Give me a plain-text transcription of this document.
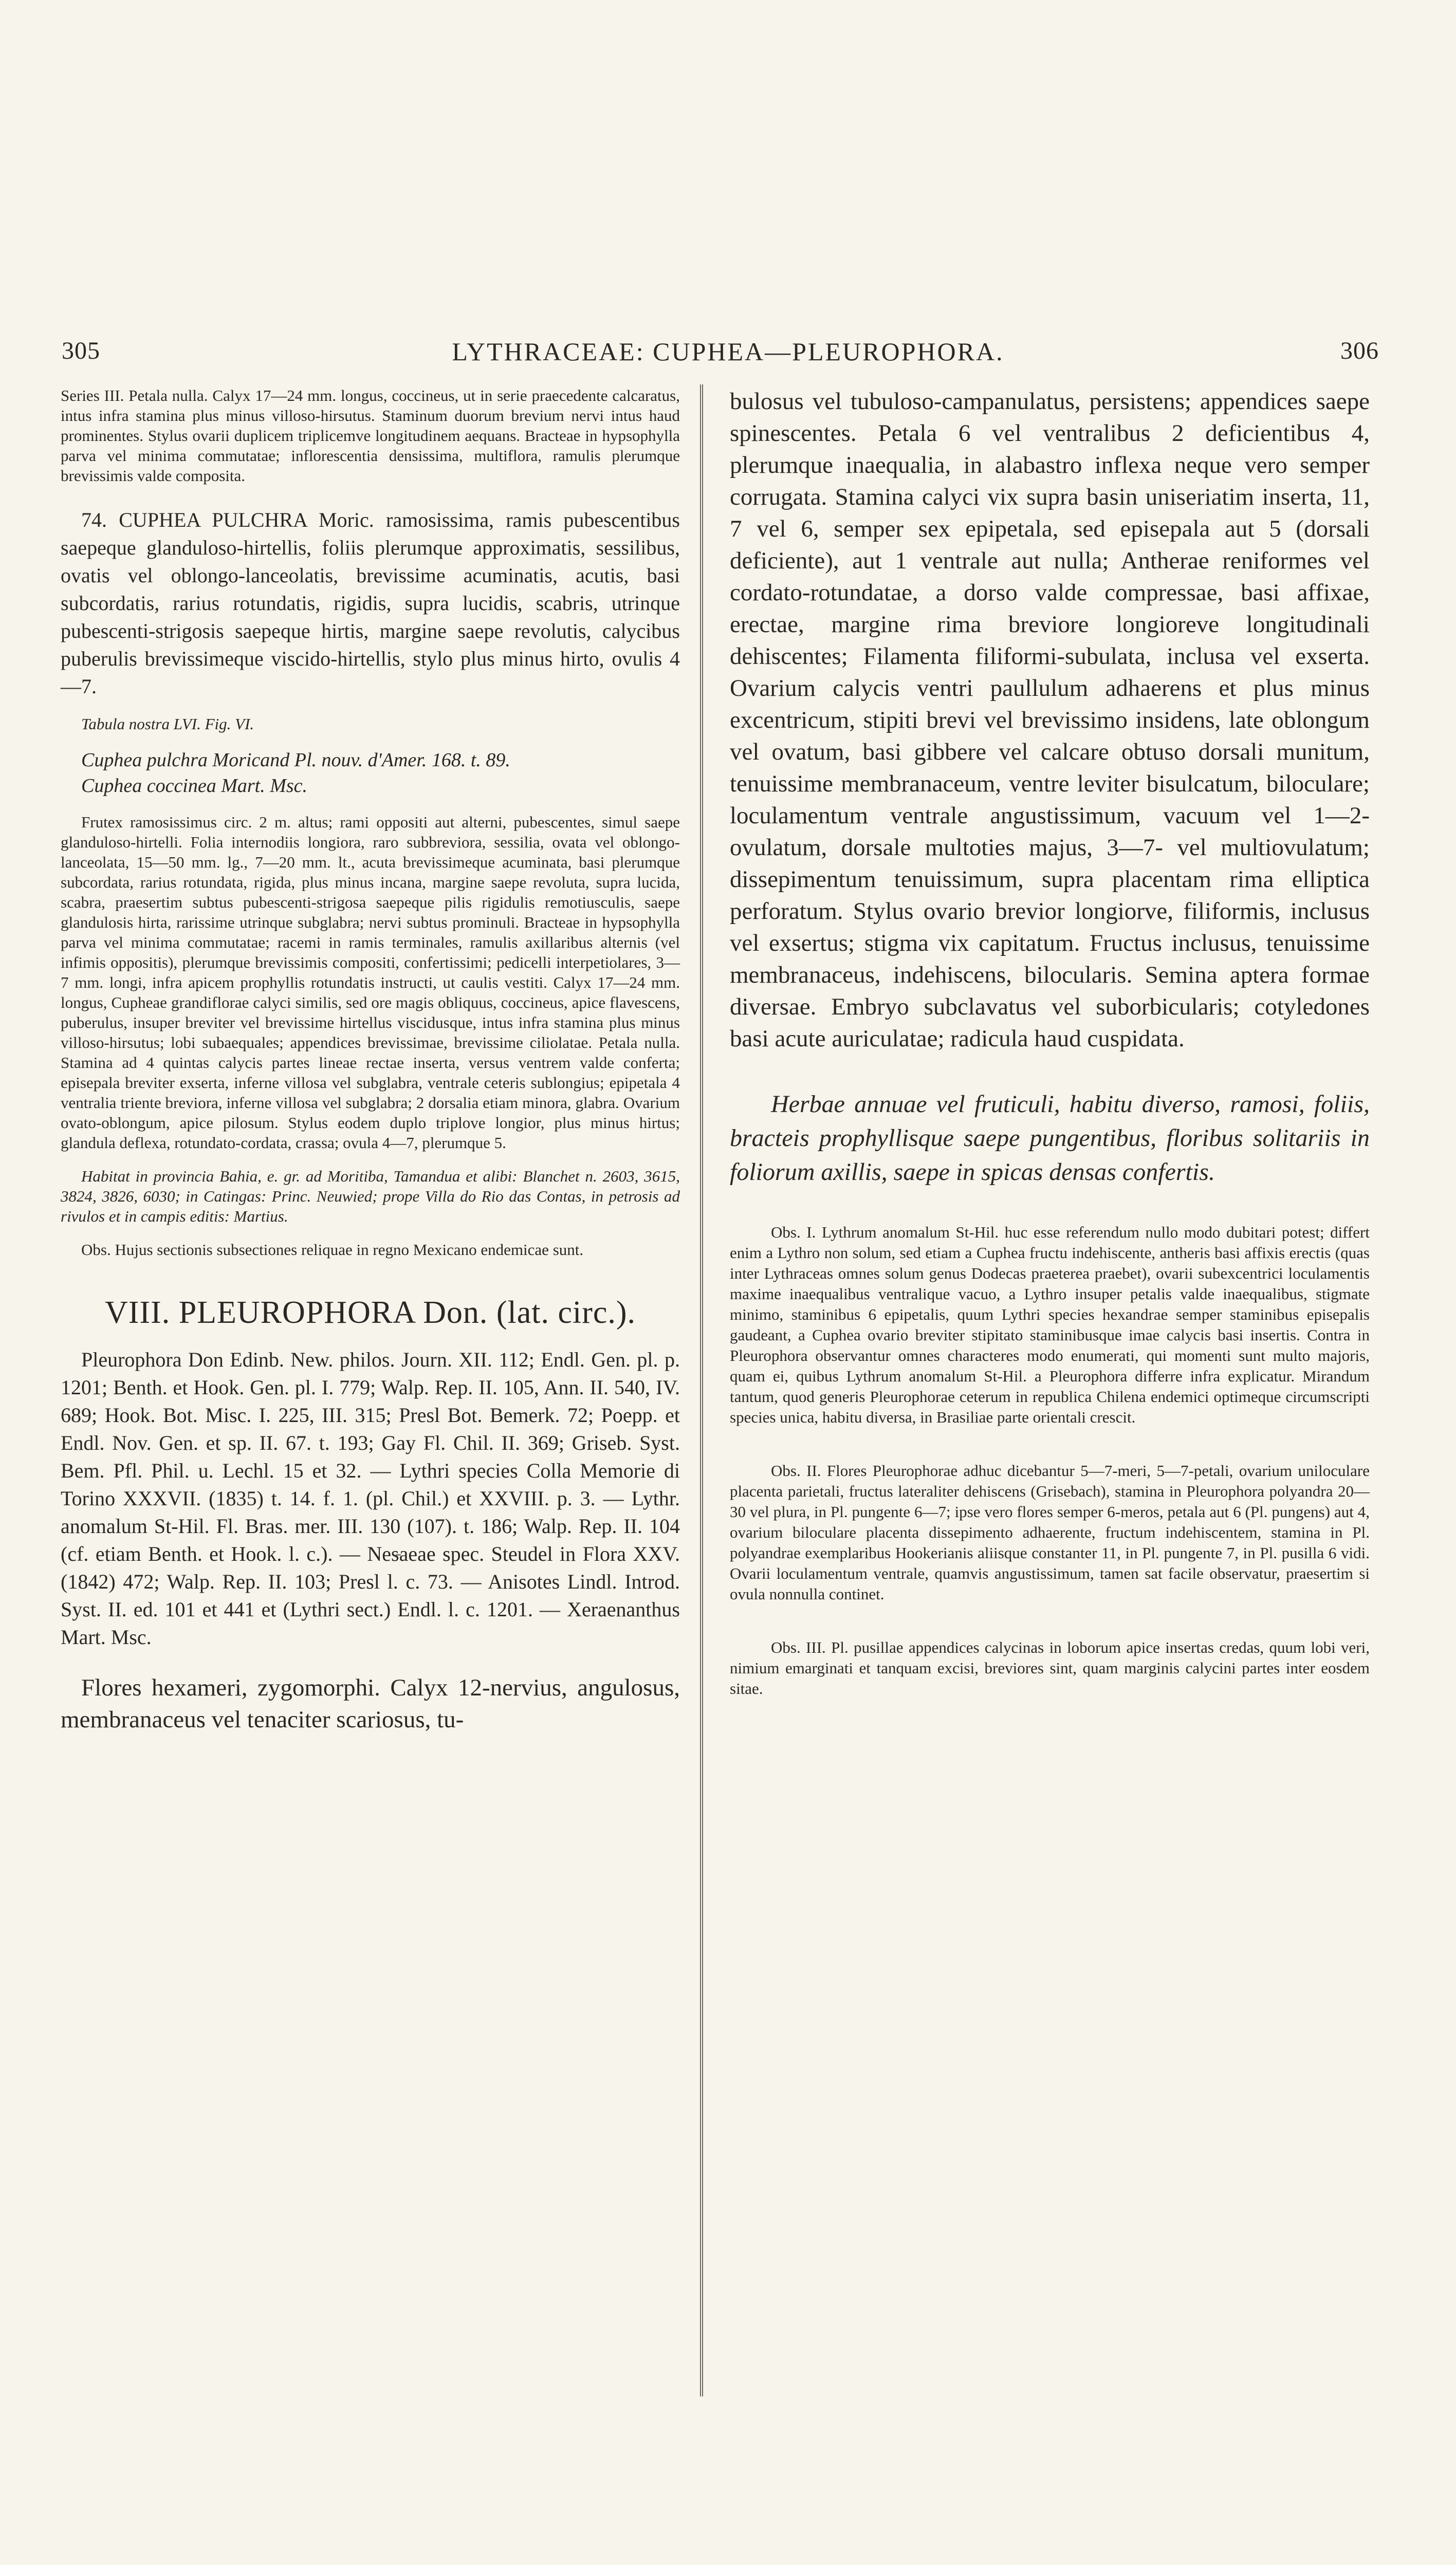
305	LYTHRACEAE: CUPHEA—PLEUROPHORA.	306

Series III. Petala nulla. Calyx 17—24 mm. longus, coccineus, ut in serie praecedente calcaratus, intus infra stamina plus minus villoso-hirsutus. Staminum duorum brevium nervi intus haud prominentes. Stylus ovarii duplicem triplicemve longitudinem aequans. Bracteae in hypsophylla parva vel minima commutatae; inflorescentia densissima, multiflora, ramulis plerumque brevissimis valde composita.

74. CUPHEA PULCHRA Moric. ramosissima, ramis pubescentibus saepeque glanduloso-hirtellis, foliis plerumque approximatis, sessilibus, ovatis vel oblongo-lanceolatis, brevissime acuminatis, acutis, basi subcordatis, rarius rotundatis, rigidis, supra lucidis, scabris, utrinque pubescenti-strigosis saepeque hirtis, margine saepe revolutis, calycibus puberulis brevissimeque viscido-hirtellis, stylo plus minus hirto, ovulis 4—7.

Tabula nostra LVI. Fig. VI.

Cuphea pulchra Moricand Pl. nouv. d'Amer. 168. t. 89.

Cuphea coccinea Mart. Msc.

Frutex ramosissimus circ. 2 m. altus; rami oppositi aut alterni, pubescentes, simul saepe glanduloso-hirtelli. Folia internodiis longiora, raro subbreviora, sessilia, ovata vel oblongo-lanceolata, 15—50 mm. lg., 7—20 mm. lt., acuta brevissimeque acuminata, basi plerumque subcordata, rarius rotundata, rigida, plus minus incana, margine saepe revoluta, supra lucida, scabra, praesertim subtus pubescenti-strigosa saepeque pilis rigidulis remotiusculis, saepe glandulosis hirta, rarissime utrinque subglabra; nervi subtus prominuli. Bracteae in hypsophylla parva vel minima commutatae; racemi in ramis terminales, ramulis axillaribus alternis (vel infimis oppositis), plerumque brevissimis compositi, confertissimi; pedicelli interpetiolares, 3—7 mm. longi, infra apicem prophyllis rotundatis instructi, ut caulis vestiti. Calyx 17—24 mm. longus, Cupheae grandiflorae calyci similis, sed ore magis obliquus, coccineus, apice flavescens, puberulus, insuper breviter vel brevissime hirtellus viscidusque, intus infra stamina plus minus villoso-hirsutus; lobi subaequales; appendices brevissimae, brevissime ciliolatae. Petala nulla. Stamina ad 4 quintas calycis partes lineae rectae inserta, versus ventrem valde conferta; episepala breviter exserta, inferne villosa vel subglabra, ventrale ceteris sublongius; epipetala 4 ventralia triente breviora, inferne villosa vel subglabra; 2 dorsalia etiam minora, glabra. Ovarium ovato-oblongum, apice pilosum. Stylus eodem duplo triplove longior, plus minus hirtus; glandula deflexa, rotundato-cordata, crassa; ovula 4—7, plerumque 5.

Habitat in provincia Bahia, e. gr. ad Moritiba, Tamandua et alibi: Blanchet n. 2603, 3615, 3824, 3826, 6030; in Catingas: Princ. Neuwied; prope Villa do Rio das Contas, in petrosis ad rivulos et in campis editis: Martius.

Obs. Hujus sectionis subsectiones reliquae in regno Mexicano endemicae sunt.

VIII. PLEUROPHORA Don. (lat. circ.).

Pleurophora Don Edinb. New. philos. Journ. XII. 112; Endl. Gen. pl. p. 1201; Benth. et Hook. Gen. pl. I. 779; Walp. Rep. II. 105, Ann. II. 540, IV. 689; Hook. Bot. Misc. I. 225, III. 315; Presl Bot. Bemerk. 72; Poepp. et Endl. Nov. Gen. et sp. II. 67. t. 193; Gay Fl. Chil. II. 369; Griseb. Syst. Bem. Pfl. Phil. u. Lechl. 15 et 32. — Lythri species Colla Memorie di Torino XXXVII. (1835) t. 14. f. 1. (pl. Chil.) et XXVIII. p. 3. — Lythr. anomalum St-Hil. Fl. Bras. mer. III. 130 (107). t. 186; Walp. Rep. II. 104 (cf. etiam Benth. et Hook. l. c.). — Nesaeae spec. Steudel in Flora XXV. (1842) 472; Walp. Rep. II. 103; Presl l. c. 73. — Anisotes Lindl. Introd. Syst. II. ed. 101 et 441 et (Lythri sect.) Endl. l. c. 1201. — Xeraenanthus Mart. Msc.

Flores hexameri, zygomorphi. Calyx 12-nervius, angulosus, membranaceus vel tenaciter scariosus, tu-

bulosus vel tubuloso-campanulatus, persistens; appendices saepe spinescentes. Petala 6 vel ventralibus 2 deficientibus 4, plerumque inaequalia, in alabastro inflexa neque vero semper corrugata. Stamina calyci vix supra basin uniseriatim inserta, 11, 7 vel 6, semper sex epipetala, sed episepala aut 5 (dorsali deficiente), aut 1 ventrale aut nulla; Antherae reniformes vel cordato-rotundatae, a dorso valde compressae, basi affixae, erectae, margine rima breviore longioreve longitudinali dehiscentes; Filamenta filiformi-subulata, inclusa vel exserta. Ovarium calycis ventri paullulum adhaerens et plus minus excentricum, stipiti brevi vel brevissimo insidens, late oblongum vel ovatum, basi gibbere vel calcare obtuso dorsali munitum, tenuissime membranaceum, ventre leviter bisulcatum, biloculare; loculamentum ventrale angustissimum, vacuum vel 1—2-ovulatum, dorsale multoties majus, 3—7- vel multiovulatum; dissepimentum tenuissimum, supra placentam rima elliptica perforatum. Stylus ovario brevior longiorve, filiformis, inclusus vel exsertus; stigma vix capitatum. Fructus inclusus, tenuissime membranaceus, indehiscens, bilocularis. Semina aptera formae diversae. Embryo subclavatus vel suborbicularis; cotyledones basi acute auriculatae; radicula haud cuspidata.

Herbae annuae vel fruticuli, habitu diverso, ramosi, foliis, bracteis prophyllisque saepe pungentibus, floribus solitariis in foliorum axillis, saepe in spicas densas confertis.

Obs. I. Lythrum anomalum St-Hil. huc esse referendum nullo modo dubitari potest; differt enim a Lythro non solum, sed etiam a Cuphea fructu indehiscente, antheris basi affixis erectis (quas inter Lythraceas omnes solum genus Dodecas praeterea praebet), ovarii subexcentrici loculamentis maxime inaequalibus ventralique vacuo, a Lythro insuper petalis valde inaequalibus, stigmate minimo, staminibus 6 epipetalis, quum Lythri species hexandrae semper staminibus episepalis gaudeant, a Cuphea ovario breviter stipitato staminibusque imae calycis basi insertis. Contra in Pleurophora observantur omnes characteres modo enumerati, qui momenti sunt multo majoris, quam ei, quibus Lythrum anomalum St-Hil. a Pleurophora differre infra explicatur. Mirandum tantum, quod generis Pleurophorae ceterum in republica Chilena endemici optimeque circumscripti species unica, habitu diversa, in Brasiliae parte orientali crescit.

Obs. II. Flores Pleurophorae adhuc dicebantur 5—7-meri, 5—7-petali, ovarium uniloculare placenta parietali, fructus lateraliter dehiscens (Grisebach), stamina in Pleurophora polyandra 20—30 vel plura, in Pl. pungente 6—7; ipse vero flores semper 6-meros, petala aut 6 (Pl. pungens) aut 4, ovarium biloculare placenta dissepimento adhaerente, fructum indehiscentem, stamina in Pl. polyandrae exemplaribus Hookerianis aliisque constanter 11, in Pl. pungente 7, in Pl. pusilla 6 vidi. Ovarii loculamentum ventrale, quamvis angustissimum, tamen sat facile observatur, praesertim si ovula nonnulla continet.

Obs. III. Pl. pusillae appendices calycinas in loborum apice insertas credas, quum lobi veri, nimium emarginati et tanquam excisi, breviores sint, quam marginis calycini partes inter eosdem sitae.
